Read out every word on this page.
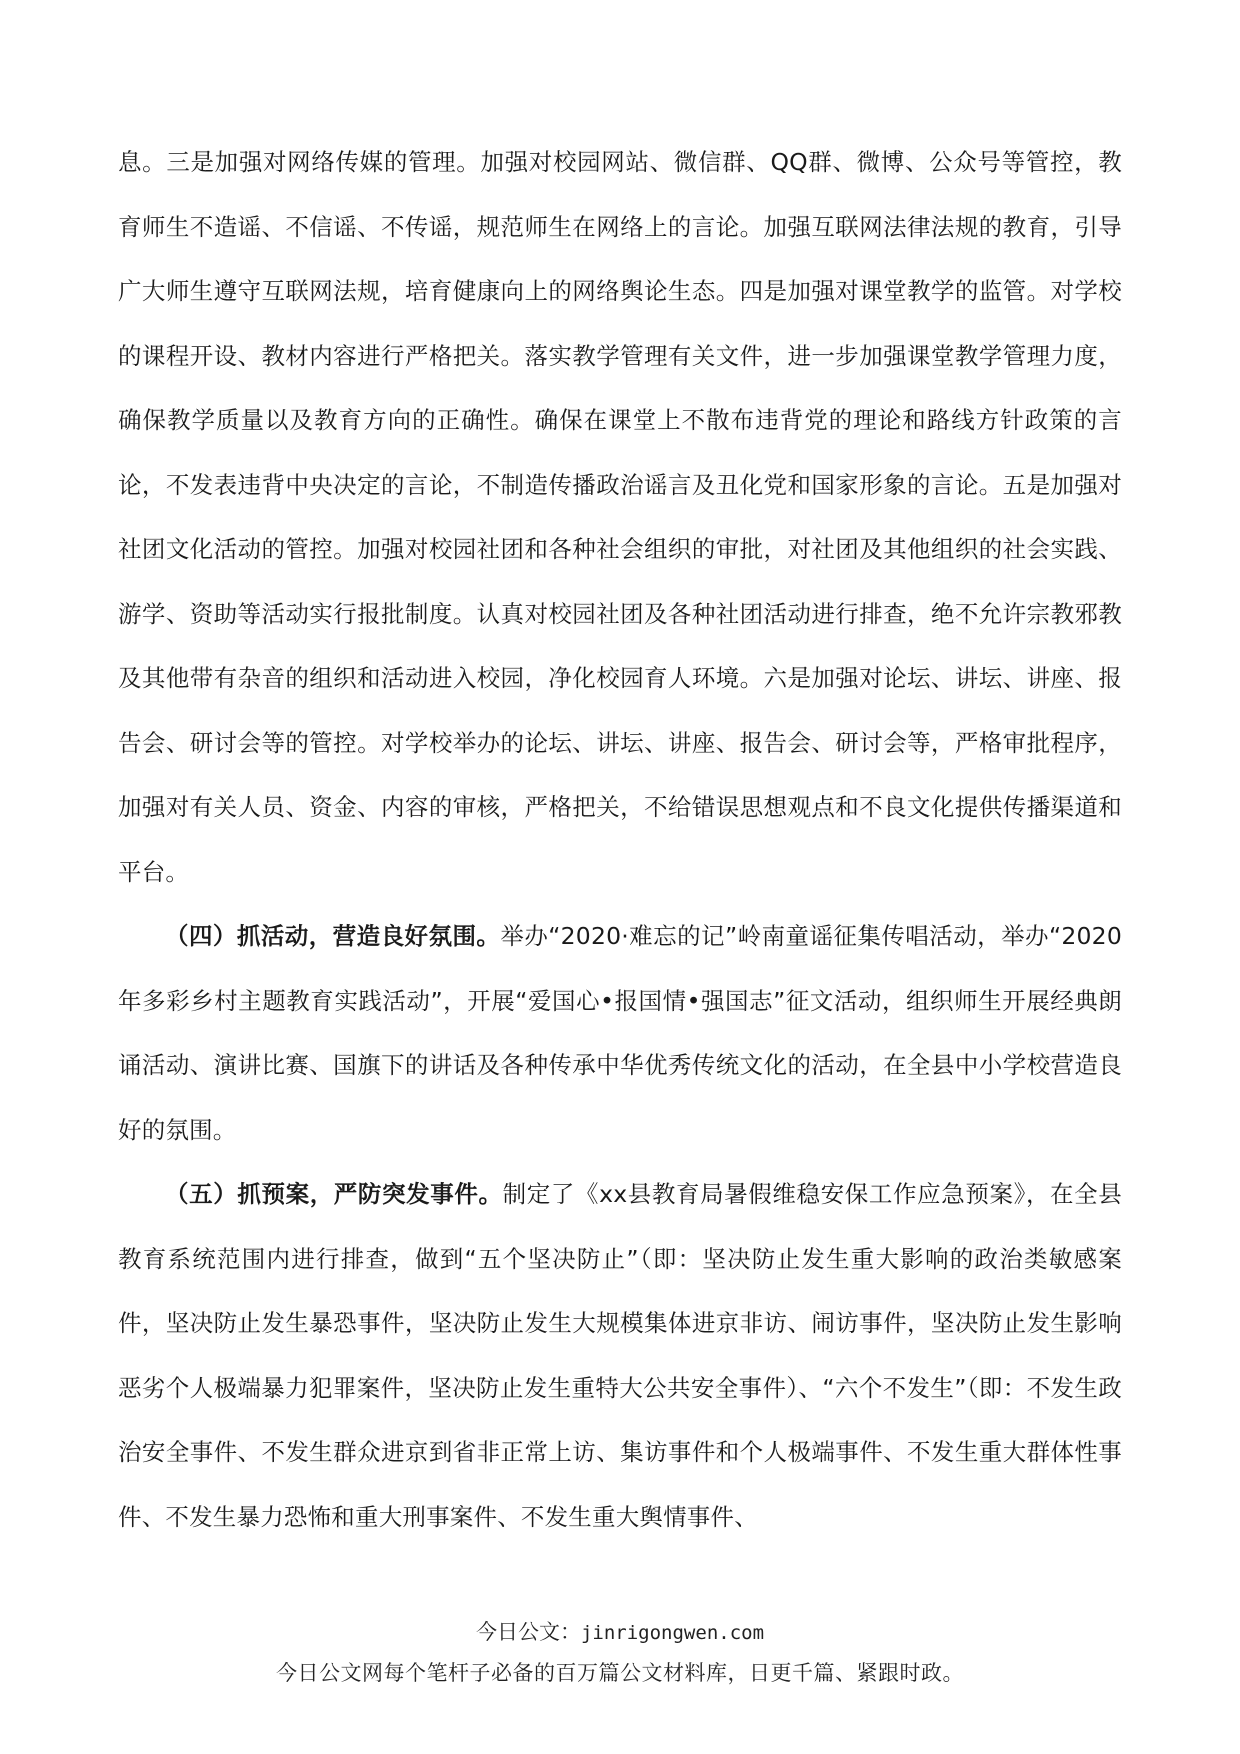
息。三是加强对网络传媒的管理。加强对校园网站、微信群、QQ群、微博、公众号等管控，教育师生不造谣、不信谣、不传谣，规范师生在网络上的言论。加强互联网法律法规的教育，引导广大师生遵守互联网法规，培育健康向上的网络舆论生态。四是加强对课堂教学的监管。对学校的课程开设、教材内容进行严格把关。落实教学管理有关文件，进一步加强课堂教学管理力度，确保教学质量以及教育方向的正确性。确保在课堂上不散布违背党的理论和路线方针政策的言论，不发表违背中央决定的言论，不制造传播政治谣言及丑化党和国家形象的言论。五是加强对社团文化活动的管控。加强对校园社团和各种社会组织的审批，对社团及其他组织的社会实践、游学、资助等活动实行报批制度。认真对校园社团及各种社团活动进行排查，绝不允许宗教邪教及其他带有杂音的组织和活动进入校园，净化校园育人环境。六是加强对论坛、讲坛、讲座、报告会、研讨会等的管控。对学校举办的论坛、讲坛、讲座、报告会、研讨会等，严格审批程序，加强对有关人员、资金、内容的审核，严格把关，不给错误思想观点和不良文化提供传播渠道和平台。

（四）抓活动，营造良好氛围。举办“2020·难忘的记”岭南童谣征集传唱活动，举办“2020年多彩乡村主题教育实践活动”，开展“爱国心•报国情•强国志”征文活动，组织师生开展经典朗诵活动、演讲比赛、国旗下的讲话及各种传承中华优秀传统文化的活动，在全县中小学校营造良好的氛围。

（五）抓预案，严防突发事件。制定了《xx县教育局暑假维稳安保工作应急预案》，在全县教育系统范围内进行排查，做到“五个坚决防止”（即：坚决防止发生重大影响的政治类敏感案件，坚决防止发生暴恐事件，坚决防止发生大规模集体进京非访、闹访事件，坚决防止发生影响恶劣个人极端暴力犯罪案件，坚决防止发生重特大公共安全事件）、“六个不发生”（即：不发生政治安全事件、不发生群众进京到省非正常上访、集访事件和个人极端事件、不发生重大群体性事件、不发生暴力恐怖和重大刑事案件、不发生重大舆情事件、

今日公文：jinrigongwen.com
今日公文网每个笔杆子必备的百万篇公文材料库，日更千篇、紧跟时政。
